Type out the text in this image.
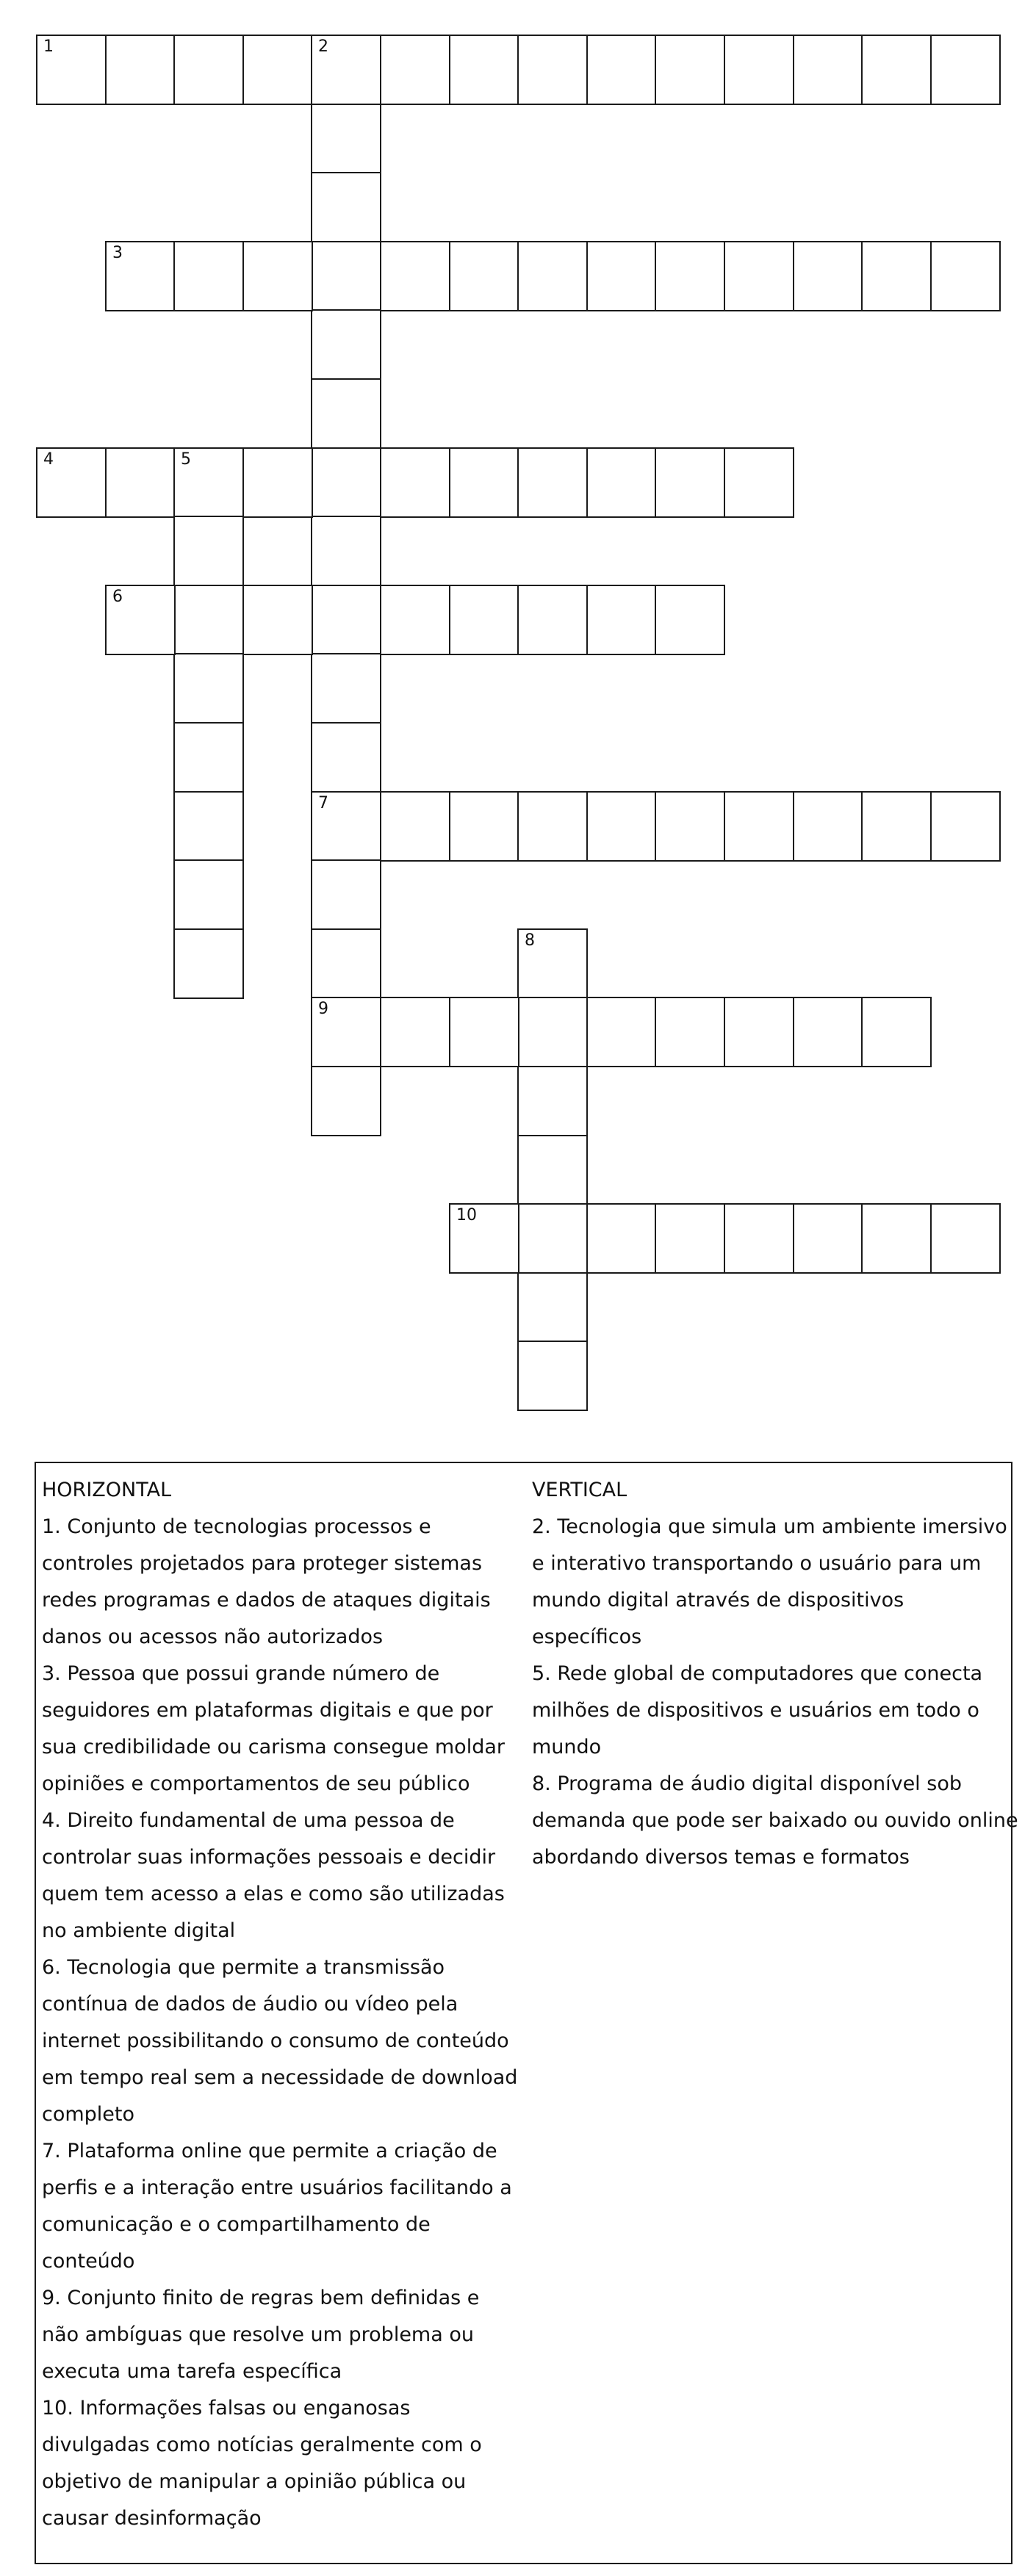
1	2
7
9
3
4	5
6
8
10
HORIZONTAL
1. Conjunto de tecnologias processos e
controles projetados para proteger sistemas
redes programas e dados de ataques digitais
danos ou acessos não autorizados
3. Pessoa que possui grande número de
seguidores em plataformas digitais e que por
sua credibilidade ou carisma consegue moldar
opiniões e comportamentos de seu público
4. Direito fundamental de uma pessoa de
controlar suas informações pessoais e decidir
quem tem acesso a elas e como são utilizadas
no ambiente digital
6. Tecnologia que permite a transmissão
contínua de dados de áudio ou vídeo pela
internet possibilitando o consumo de conteúdo
em tempo real sem a necessidade de download
completo
7. Plataforma online que permite a criação de
perfis e a interação entre usuários facilitando a
comunicação e o compartilhamento de
conteúdo
9. Conjunto finito de regras bem definidas e
não ambíguas que resolve um problema ou
executa uma tarefa específica
10. Informações falsas ou enganosas
divulgadas como notícias geralmente com o
objetivo de manipular a opinião pública ou
causar desinformação
VERTICAL
2. Tecnologia que simula um ambiente imersivo
e interativo transportando o usuário para um
mundo digital através de dispositivos
específicos
5. Rede global de computadores que conecta
milhões de dispositivos e usuários em todo o
mundo
8. Programa de áudio digital disponível sob
demanda que pode ser baixado ou ouvido online
abordando diversos temas e formatos
